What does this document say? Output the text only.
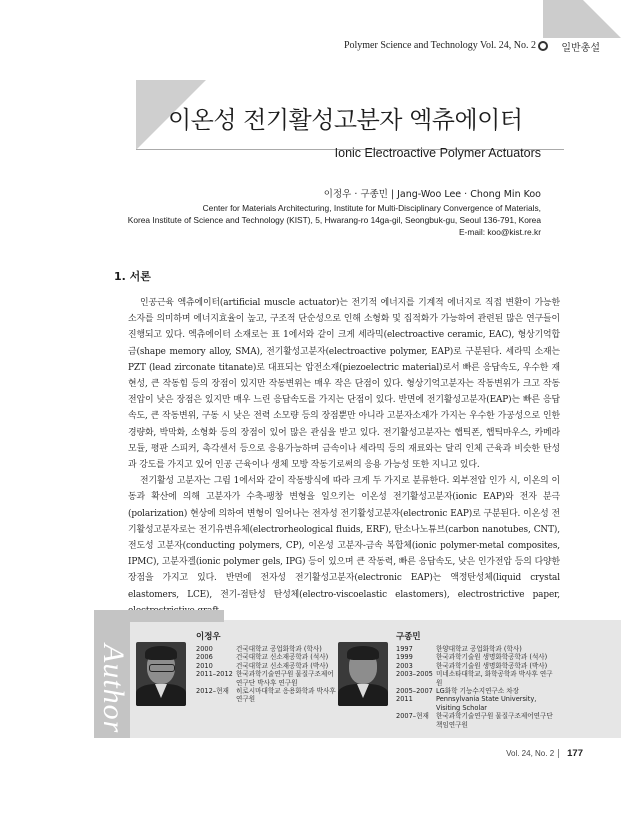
Polymer Science and Technology Vol. 24, No. 2	일반총설
이온성 전기활성고분자 엑츄에이터
Ionic Electroactive Polymer Actuators
이정우 · 구종민 | Jang-Woo Lee · Chong Min Koo
Center for Materials Architecturing, Institute for Multi-Disciplinary Convergence of Materials,
Korea Institute of Science and Technology (KIST), 5, Hwarang-ro 14ga-gil, Seongbuk-gu, Seoul 136-791, Korea
E-mail: koo@kist.re.kr
1. 서론

인공근육 엑츄에이터(artificial muscle actuator)는 전기적 에너지를 기계적 에너지로 직접 변환이 가능한 소자를 의미하며 에너지효율이 높고, 구조적 단순성으로 인해 소형화 및 집적화가 가능하여 관련된 많은 연구들이 진행되고 있다. 엑츄에이터 소재로는 표 1에서와 같이 크게 세라믹(electroactive ceramic, EAC), 형상기억합금(shape memory alloy, SMA), 전기활성고분자(electroactive polymer, EAP)로 구분된다. 세라믹 소재는 PZT (lead zirconate titanate)로 대표되는 압전소재(piezoelectric material)로서 빠른 응답속도, 우수한 재현성, 큰 작동힘 등의 장점이 있지만 작동변위는 매우 작은 단점이 있다. 형상기억고분자는 작동변위가 크고 작동전압이 낮은 장점은 있지만 매우 느린 응답속도를 가지는 단점이 있다. 반면에 전기활성고분자(EAP)는 빠른 응답속도, 큰 작동변위, 구동 시 낮은 전력 소모량 등의 장점뿐만 아니라 고분자소재가 가지는 우수한 가공성으로 인한 경량화, 박막화, 소형화 등의 장점이 있어 많은 관심을 받고 있다. 전기활성고분자는 햅틱폰, 햅틱마우스, 카메라 모듈, 평판 스피커, 촉각센서 등으로 응용가능하며 금속이나 세라믹 등의 재료와는 달리 인체 근육과 비슷한 탄성과 강도를 가지고 있어 인공 근육이나 생체 모방 작동기로써의 응용 가능성 또한 지니고 있다.

전기활성 고분자는 그림 1에서와 같이 작동방식에 따라 크게 두 가지로 분류한다. 외부전압 인가 시, 이온의 이동과 확산에 의해 고분자가 수축-팽창 변형을 일으키는 이온성 전기활성고분자(ionic EAP)와 전자 분극(polarization) 현상에 의하여 변형이 일어나는 전자성 전기활성고분자(electronic EAP)로 구분된다. 이온성 전기활성고분자로는 전기유변유체(electrorheological fluids, ERF), 탄소나노튜브(carbon nanotubes, CNT), 전도성 고분자(conducting polymers, CP), 이온성 고분자-금속 복합체(ionic polymer-metal composites, IPMC), 고분자겔(ionic polymer gels, IPG) 등이 있으며 큰 작동력, 빠른 응답속도, 낮은 인가전압 등의 다양한 장점을 가지고 있다. 반면에 전자성 전기활성고분자(electronic EAP)는 액정탄성체(liquid crystal elastomers, LCE), 전기-점탄성 탄성체(electro-viscoelastic elastomers), electrostrictive paper,

Author
이정우
2000	건국대학교 공업화학과 (학사)
2006	건국대학교 신소재공학과 (석사)
2010	건국대학교 신소재공학과 (박사)
2011–2012 한국과학기술연구원 물질구조제어연구단 박사후 연구원
2012–현재 히로시마대학교 응용화학과 박사후 연구원
구종민
1997	한양대학교 공업화학과 (학사)
1999	한국과학기술원 생명화학공학과 (석사)
2003	한국과학기술원 생명화학공학과 (박사)
2003–2005 미네소타대학교, 화학공학과 박사후 연구원
2005–2007 LG화학 기능수지연구소 차장
2011	Pennsylvania State University, Visiting Scholar
2007–현재 한국과학기술연구원 물질구조제어연구단 책임연구원
Vol. 24, No. 2 177
